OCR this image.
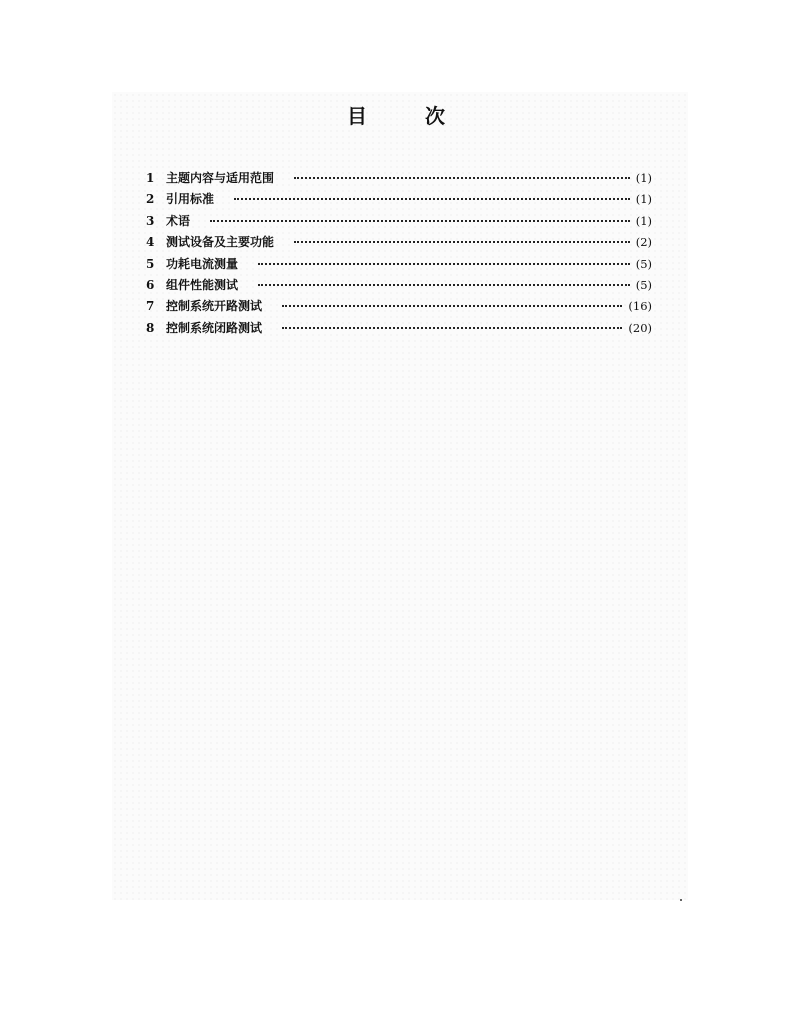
目	次
1 主题内容与适用范围	(1)
2 引用标准	(1)
3 术语	(1)
4 测试设备及主要功能	(2)
5 功耗电流测量	(5)
6 组件性能测试	(5)
7 控制系统开路测试	(16)
8 控制系统闭路测试	(20)
